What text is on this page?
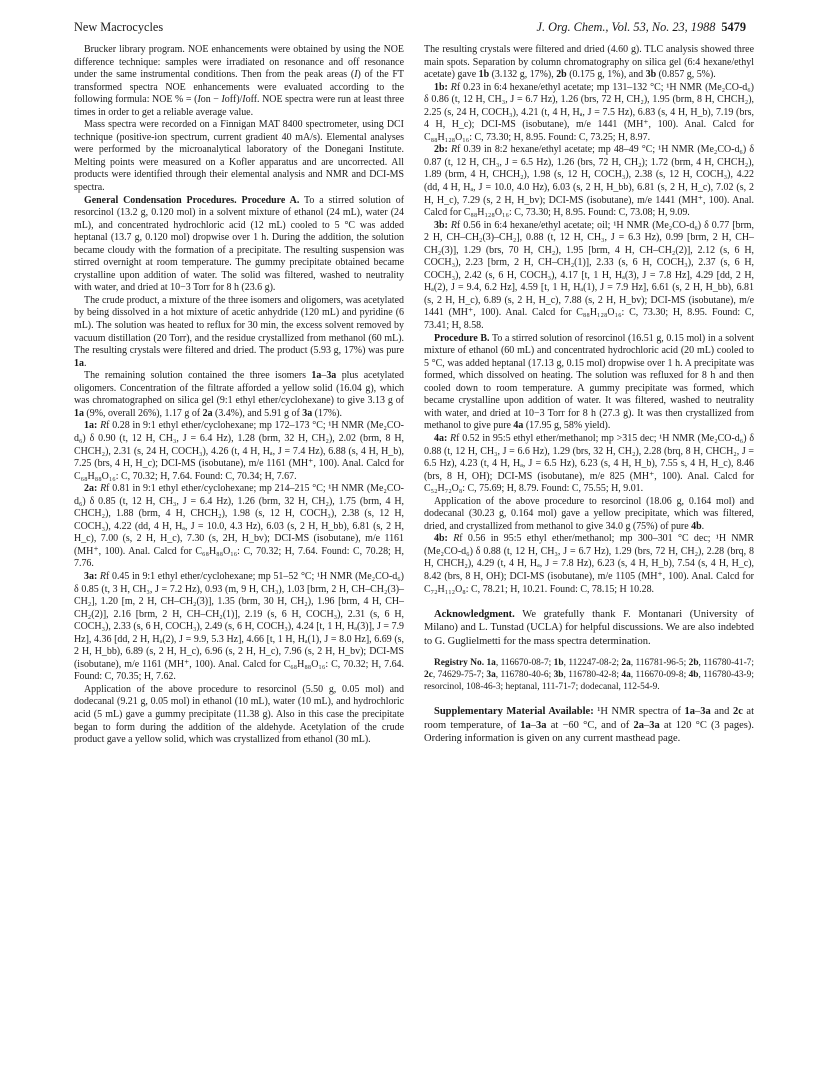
New Macrocycles	J. Org. Chem., Vol. 53, No. 23, 1988 5479

Brucker library program. NOE enhancements were obtained by using the NOE difference technique: samples were irradiated on resonance and off resonance under the same instrumental conditions. Then from the peak areas (I) of the FT transformed spectra NOE enhancements were evaluated according to the following formula: NOE % = (Ion − Ioff)/Ioff. NOE spectra were run at least three times in order to get a reliable average value.

Mass spectra were recorded on a Finnigan MAT 8400 spectrometer, using DCI technique (positive-ion spectrum, current gradient 40 mA/s). Elemental analyses were performed by the microanalytical laboratory of the Donegani Institute. Melting points were measured on a Kofler apparatus and are uncorrected. All products were identified through their elemental analysis and NMR and DCI-MS spectra.

General Condensation Procedures. Procedure A. To a stirred solution of resorcinol (13.2 g, 0.120 mol) in a solvent mixture of ethanol (24 mL), water (24 mL), and concentrated hydrochloric acid (12 mL) cooled to 5 °C was added heptanal (13.7 g, 0.120 mol) dropwise over 1 h. During the addition, the solution became cloudy with the formation of a precipitate. The resulting suspension was stirred overnight at room temperature. The gummy precipitate obtained became crystalline upon addition of water. The solid was filtered, washed to neutrality with water, and dried at 10−3 Torr for 8 h (23.6 g).

The crude product, a mixture of the three isomers and oligomers, was acetylated by being dissolved in a hot mixture of acetic anhydride (120 mL) and pyridine (6 mL). The solution was heated to reflux for 30 min, the excess solvent removed by vacuum distillation (20 Torr), and the residue crystallized from methanol (60 mL). The resulting crystals were filtered and dried. The product (5.93 g, 17%) was pure 1a.

The remaining solution contained the three isomers 1a–3a plus acetylated oligomers. Concentration of the filtrate afforded a yellow solid (16.04 g), which was chromatographed on silica gel (9:1 ethyl ether/cyclohexane) to give 3.13 g of 1a (9%, overall 26%), 1.17 g of 2a (3.4%), and 5.91 g of 3a (17%).

1a: Rf 0.28 in 9:1 ethyl ether/cyclohexane; mp 172–173 °C; ¹H NMR (Me₂CO-d₆) δ 0.90 (t, 12 H, CH₃, J = 6.4 Hz), 1.28 (brm, 32 H, CH₂), 2.02 (brm, 8 H, CHCH₂), 2.31 (s, 24 H, COCH₃), 4.26 (t, 4 H, Hₐ, J = 7.4 Hz), 6.88 (s, 4 H, H_b), 7.25 (brs, 4 H, H_c); DCI-MS (isobutane), m/e 1161 (MH⁺, 100). Anal. Calcd for C₆₈H₈₈O₁₆: C, 70.32; H, 7.64. Found: C, 70.34; H, 7.67.

2a: Rf 0.81 in 9:1 ethyl ether/cyclohexane; mp 214–215 °C; ¹H NMR (Me₂CO-d₆) δ 0.85 (t, 12 H, CH₃, J = 6.4 Hz), 1.26 (brm, 32 H, CH₂), 1.75 (brm, 4 H, CHCH₂), 1.88 (brm, 4 H, CHCH₂), 1.98 (s, 12 H, COCH₃), 2.38 (s, 12 H, COCH₃), 4.22 (dd, 4 H, Hₐ, J = 10.0, 4.3 Hz), 6.03 (s, 2 H, H_bb), 6.81 (s, 2 H, H_c), 7.00 (s, 2 H, H_c), 7.30 (s, 2H, H_bv); DCI-MS (isobutane), m/e 1161 (MH⁺, 100). Anal. Calcd for C₆₈H₈₈O₁₆: C, 70.32; H, 7.64. Found: C, 70.28; H, 7.76.

3a: Rf 0.45 in 9:1 ethyl ether/cyclohexane; mp 51–52 °C; ¹H NMR (Me₂CO-d₆) δ 0.85 (t, 3 H, CH₃, J = 7.2 Hz), 0.93 (m, 9 H, CH₃), 1.03 [brm, 2 H, CH–CH₂(3)–CH₂], 1.20 [m, 2 H, CH–CH₂(3)], 1.35 (brm, 30 H, CH₂), 1.96 [brm, 4 H, CH–CH₂(2)], 2.16 [brm, 2 H, CH–CH₂(1)], 2.19 (s, 6 H, COCH₃), 2.31 (s, 6 H, COCH₃), 2.33 (s, 6 H, COCH₃), 2.49 (s, 6 H, COCH₃), 4.24 [t, 1 H, Hₐ(3)], J = 7.9 Hz], 4.36 [dd, 2 H, Hₐ(2), J = 9.9, 5.3 Hz], 4.66 [t, 1 H, Hₐ(1), J = 8.0 Hz], 6.69 (s, 2 H, H_bb), 6.89 (s, 2 H, H_c), 6.96 (s, 2 H, H_c), 7.96 (s, 2 H, H_bv); DCI-MS (isobutane), m/e 1161 (MH⁺, 100). Anal. Calcd for C₆₈H₈₈O₁₆: C, 70.32; H, 7.64. Found: C, 70.35; H, 7.62.

Application of the above procedure to resorcinol (5.50 g, 0.05 mol) and dodecanal (9.21 g, 0.05 mol) in ethanol (10 mL), water (10 mL), and hydrochloric acid (5 mL) gave a gummy precipitate (11.38 g). Also in this case the precipitate began to form during the addition of the aldehyde. Acetylation of the crude product gave a yellow solid, which was crystallized from ethanol (30 mL).

The resulting crystals were filtered and dried (4.60 g). TLC analysis showed three main spots. Separation by column chromatography on silica gel (6:4 hexane/ethyl acetate) gave 1b (3.132 g, 17%), 2b (0.175 g, 1%), and 3b (0.857 g, 5%).

1b: Rf 0.23 in 6:4 hexane/ethyl acetate; mp 131–132 °C; ¹H NMR (Me₂CO-d₆) δ 0.86 (t, 12 H, CH₃, J = 6.7 Hz), 1.26 (brs, 72 H, CH₂), 1.95 (brm, 8 H, CHCH₂), 2.25 (s, 24 H, COCH₃), 4.21 (t, 4 H, Hₐ, J = 7.5 Hz), 6.83 (s, 4 H, H_b), 7.19 (brs, 4 H, H_c); DCI-MS (isobutane), m/e 1441 (MH⁺, 100). Anal. Calcd for C₈₈H₁₂₈O₁₆: C, 73.30; H, 8.95. Found: C, 73.25; H, 8.97.

2b: Rf 0.39 in 8:2 hexane/ethyl acetate; mp 48–49 °C; ¹H NMR (Me₂CO-d₆) δ 0.87 (t, 12 H, CH₃, J = 6.5 Hz), 1.26 (brs, 72 H, CH₂); 1.72 (brm, 4 H, CHCH₂), 1.89 (brm, 4 H, CHCH₂), 1.98 (s, 12 H, COCH₃), 2.38 (s, 12 H, COCH₃), 4.22 (dd, 4 H, Hₐ, J = 10.0, 4.0 Hz), 6.03 (s, 2 H, H_bb), 6.81 (s, 2 H, H_c), 7.02 (s, 2 H, H_c), 7.29 (s, 2 H, H_bv); DCI-MS (isobutane), m/e 1441 (MH⁺, 100). Anal. Calcd for C₈₈H₁₂₈O₁₆: C, 73.30; H, 8.95. Found: C, 73.08; H, 9.09.

3b: Rf 0.56 in 6:4 hexane/ethyl acetate; oil; ¹H NMR (Me₂CO-d₆) δ 0.77 [brm, 2 H, CH–CH₂(3)–CH₂], 0.88 (t, 12 H, CH₃, J = 6.3 Hz), 0.99 [brm, 2 H, CH–CH₂(3)], 1.29 (brs, 70 H, CH₂), 1.95 [brm, 4 H, CH–CH₂(2)], 2.12 (s, 6 H, COCH₃), 2.23 [brm, 2 H, CH–CH₂(1)], 2.33 (s, 6 H, COCH₃), 2.37 (s, 6 H, COCH₃), 2.42 (s, 6 H, COCH₃), 4.17 [t, 1 H, Hₐ(3), J = 7.8 Hz], 4.29 [dd, 2 H, Hₐ(2), J = 9.4, 6.2 Hz], 4.59 [t, 1 H, Hₐ(1), J = 7.9 Hz], 6.61 (s, 2 H, H_bb), 6.81 (s, 2 H, H_c), 6.89 (s, 2 H, H_c), 7.88 (s, 2 H, H_bv); DCI-MS (isobutane), m/e 1441 (MH⁺, 100). Anal. Calcd for C₈₈H₁₂₈O₁₆: C, 73.30; H, 8.95. Found: C, 73.41; H, 8.58.

Procedure B. To a stirred solution of resorcinol (16.51 g, 0.15 mol) in a solvent mixture of ethanol (60 mL) and concentrated hydrochloric acid (20 mL) cooled to 5 °C, was added heptanal (17.13 g, 0.15 mol) dropwise over 1 h. A precipitate was formed, which dissolved on heating. The solution was refluxed for 8 h and then cooled down to room temperature. A gummy precipitate was formed, which became crystalline upon addition of water. It was filtered, washed to neutrality with water, and dried at 10−3 Torr for 8 h (27.3 g). It was then crystallized from methanol to give pure 4a (17.95 g, 58% yield).

4a: Rf 0.52 in 95:5 ethyl ether/methanol; mp >315 dec; ¹H NMR (Me₂CO-d₆) δ 0.88 (t, 12 H, CH₃, J = 6.6 Hz), 1.29 (brs, 32 H, CH₂), 2.28 (brq, 8 H, CHCH₂, J = 6.5 Hz), 4.23 (t, 4 H, Hₐ, J = 6.5 Hz), 6.23 (s, 4 H, H_b), 7.55 s, 4 H, H_c), 8.46 (brs, 8 H, OH); DCI-MS (isobutane), m/e 825 (MH⁺, 100). Anal. Calcd for C₅₂H₇₂O₈: C, 75.69; H, 8.79. Found: C, 75.55; H, 9.01.

Application of the above procedure to resorcinol (18.06 g, 0.164 mol) and dodecanal (30.23 g, 0.164 mol) gave a yellow precipitate, which was filtered, dried, and crystallized from methanol to give 34.0 g (75%) of pure 4b.

4b: Rf 0.56 in 95:5 ethyl ether/methanol; mp 300–301 °C dec; ¹H NMR (Me₂CO-d₆) δ 0.88 (t, 12 H, CH₃, J = 6.7 Hz), 1.29 (brs, 72 H, CH₂), 2.28 (brq, 8 H, CHCH₂), 4.29 (t, 4 H, Hₐ, J = 7.8 Hz), 6.23 (s, 4 H, H_b), 7.54 (s, 4 H, H_c), 8.42 (brs, 8 H, OH); DCI-MS (isobutane), m/e 1105 (MH⁺, 100). Anal. Calcd for C₇₂H₁₁₂O₈: C, 78.21; H, 10.21. Found: C, 78.15; H 10.28.

Acknowledgment. We gratefully thank F. Montanari (University of Milano) and L. Tunstad (UCLA) for helpful discussions. We are also indebted to G. Guglielmetti for the mass spectra determination.

Registry No. 1a, 116670-08-7; 1b, 112247-08-2; 2a, 116781-96-5; 2b, 116780-41-7; 2c, 74629-75-7; 3a, 116780-40-6; 3b, 116780-42-8; 4a, 116670-09-8; 4b, 116780-43-9; resorcinol, 108-46-3; heptanal, 111-71-7; dodecanal, 112-54-9.

Supplementary Material Available: ¹H NMR spectra of 1a–3a and 2c at room temperature, of 1a–3a at −60 °C, and of 2a–3a at 120 °C (3 pages). Ordering information is given on any current masthead page.
